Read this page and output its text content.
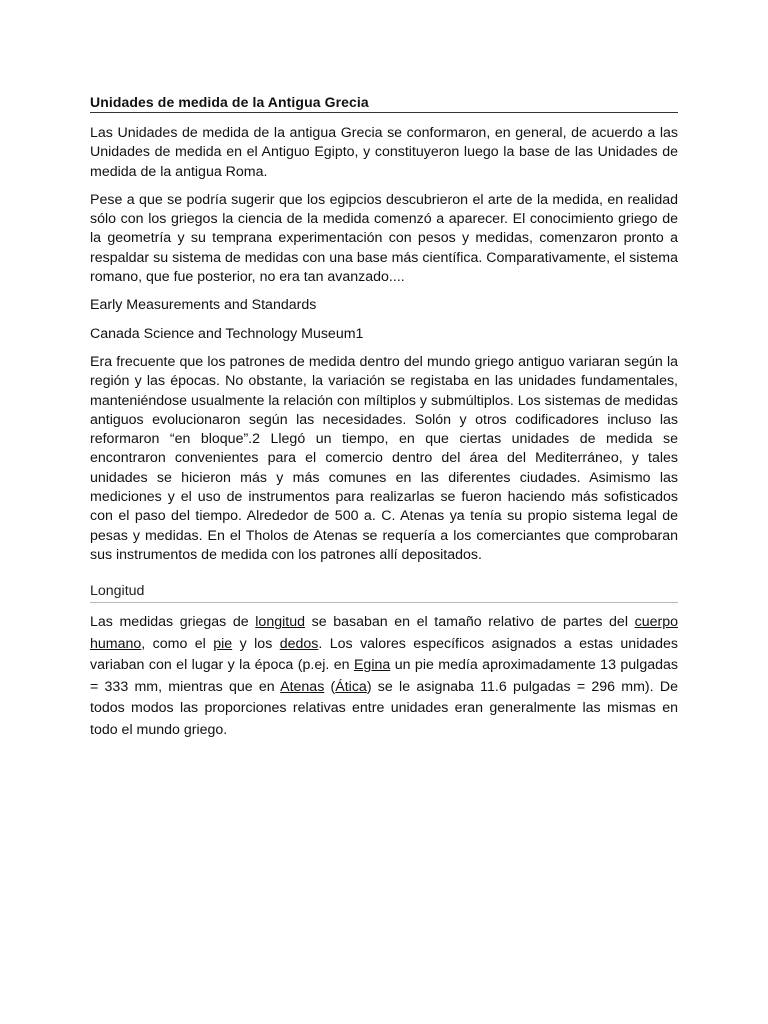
Unidades de medida de la Antigua Grecia

Las Unidades de medida de la antigua Grecia se conformaron, en general, de acuerdo a las Unidades de medida en el Antiguo Egipto, y constituyeron luego la base de las Unidades de medida de la antigua Roma.

Pese a que se podría sugerir que los egipcios descubrieron el arte de la medida, en realidad sólo con los griegos la ciencia de la medida comenzó a aparecer. El conocimiento griego de la geometría y su temprana experimentación con pesos y medidas, comenzaron pronto a respaldar su sistema de medidas con una base más científica. Comparativamente, el sistema romano, que fue posterior, no era tan avanzado....

Early Measurements and Standards

Canada Science and Technology Museum1

Era frecuente que los patrones de medida dentro del mundo griego antiguo variaran según la región y las épocas. No obstante, la variación se registaba en las unidades fundamentales, manteniéndose usualmente la relación con míltiplos y submúltiplos. Los sistemas de medidas antiguos evolucionaron según las necesidades. Solón y otros codificadores incluso las reformaron “en bloque”.2 Llegó un tiempo, en que ciertas unidades de medida se encontraron convenientes para el comercio dentro del área del Mediterráneo, y tales unidades se hicieron más y más comunes en las diferentes ciudades. Asimismo las mediciones y el uso de instrumentos para realizarlas se fueron haciendo más sofisticados con el paso del tiempo. Alrededor de 500 a. C. Atenas ya tenía su propio sistema legal de pesas y medidas. En el Tholos de Atenas se requería a los comerciantes que comprobaran sus instrumentos de medida con los patrones allí depositados.

Longitud

Las medidas griegas de longitud se basaban en el tamaño relativo de partes del cuerpo humano, como el pie y los dedos. Los valores específicos asignados a estas unidades variaban con el lugar y la época (p.ej. en Egina un pie medía aproximadamente 13 pulgadas = 333 mm, mientras que en Atenas (Ática) se le asignaba 11.6 pulgadas = 296 mm). De todos modos las proporciones relativas entre unidades eran generalmente las mismas en todo el mundo griego.
